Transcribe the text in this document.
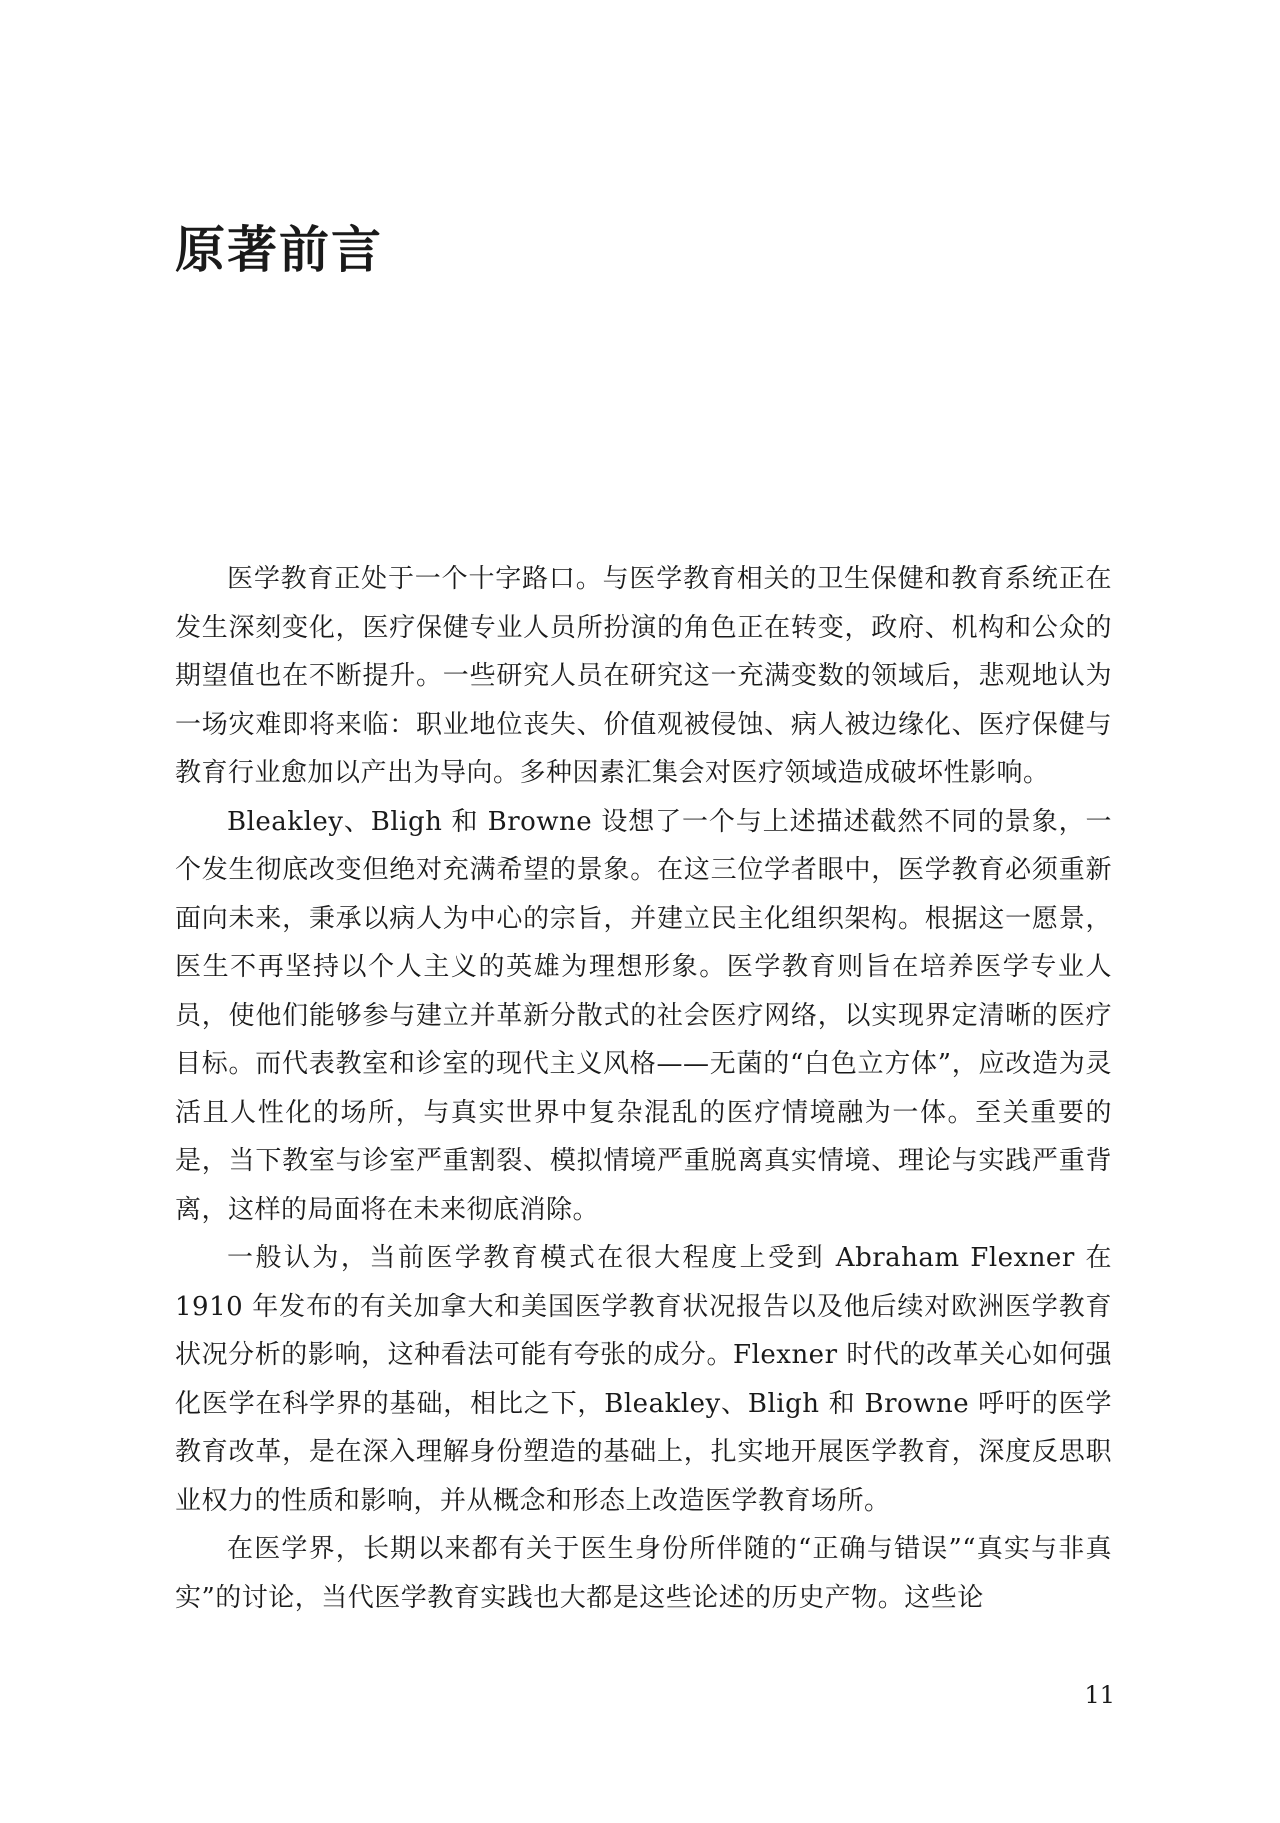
原著前言

医学教育正处于一个十字路口。与医学教育相关的卫生保健和教育系统正在发生深刻变化，医疗保健专业人员所扮演的角色正在转变，政府、机构和公众的期望值也在不断提升。一些研究人员在研究这一充满变数的领域后，悲观地认为一场灾难即将来临：职业地位丧失、价值观被侵蚀、病人被边缘化、医疗保健与教育行业愈加以产出为导向。多种因素汇集会对医疗领域造成破坏性影响。

Bleakley、Bligh 和 Browne 设想了一个与上述描述截然不同的景象，一个发生彻底改变但绝对充满希望的景象。在这三位学者眼中，医学教育必须重新面向未来，秉承以病人为中心的宗旨，并建立民主化组织架构。根据这一愿景，医生不再坚持以个人主义的英雄为理想形象。医学教育则旨在培养医学专业人员，使他们能够参与建立并革新分散式的社会医疗网络，以实现界定清晰的医疗目标。而代表教室和诊室的现代主义风格——无菌的“白色立方体”，应改造为灵活且人性化的场所，与真实世界中复杂混乱的医疗情境融为一体。至关重要的是，当下教室与诊室严重割裂、模拟情境严重脱离真实情境、理论与实践严重背离，这样的局面将在未来彻底消除。

一般认为，当前医学教育模式在很大程度上受到 Abraham Flexner 在 1910 年发布的有关加拿大和美国医学教育状况报告以及他后续对欧洲医学教育状况分析的影响，这种看法可能有夸张的成分。Flexner 时代的改革关心如何强化医学在科学界的基础，相比之下，Bleakley、Bligh 和 Browne 呼吁的医学教育改革，是在深入理解身份塑造的基础上，扎实地开展医学教育，深度反思职业权力的性质和影响，并从概念和形态上改造医学教育场所。

在医学界，长期以来都有关于医生身份所伴随的“正确与错误”“真实与非真实”的讨论，当代医学教育实践也大都是这些论述的历史产物。这些论

11
